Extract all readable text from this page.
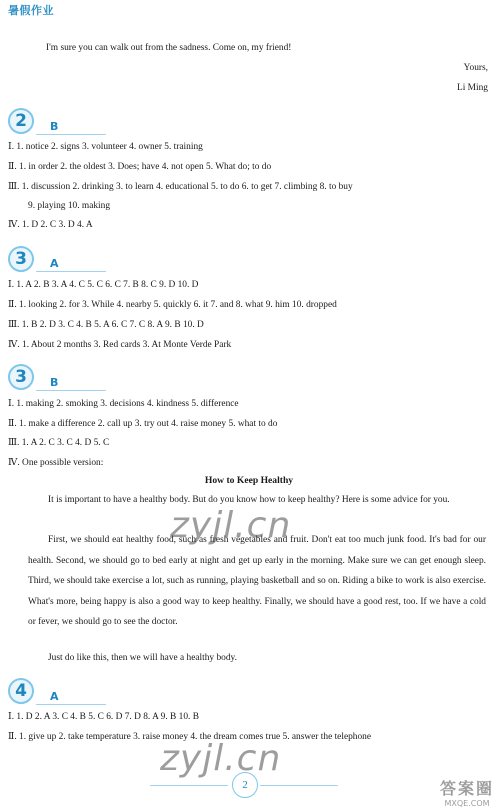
暑假作业
I'm sure you can walk out from the sadness. Come on, my friend!
Yours,
Li Ming
2	B
Ⅰ. 1. notice 2. signs 3. volunteer 4. owner 5. training
Ⅱ. 1. in order 2. the oldest 3. Does; have 4. not open 5. What do; to do
Ⅲ. 1. discussion 2. drinking 3. to learn 4. educational 5. to do 6. to get 7. climbing 8. to buy
9. playing 10. making
Ⅳ. 1. D 2. C 3. D 4. A
3	A
Ⅰ. 1. A 2. B 3. A 4. C 5. C 6. C 7. B 8. C 9. D 10. D
Ⅱ. 1. looking 2. for 3. While 4. nearby 5. quickly 6. it 7. and 8. what 9. him 10. dropped
Ⅲ. 1. B 2. D 3. C 4. B 5. A 6. C 7. C 8. A 9. B 10. D
Ⅳ. 1. About 2 months 3. Red cards 3. At Monte Verde Park
3	B
Ⅰ. 1. making 2. smoking 3. decisions 4. kindness 5. difference
Ⅱ. 1. make a difference 2. call up 3. try out 4. raise money 5. what to do
Ⅲ. 1. A 2. C 3. C 4. D 5. C
Ⅳ. One possible version:
How to Keep Healthy
It is important to have a healthy body. But do you know how to keep healthy? Here is some advice for you.
First, we should eat healthy food, such as fresh vegetables and fruit. Don't eat too much junk food. It's bad for our health. Second, we should go to bed early at night and get up early in the morning. Make sure we can get enough sleep. Third, we should take exercise a lot, such as running, playing basketball and so on. Riding a bike to work is also exercise. What's more, being happy is also a good way to keep healthy. Finally, we should have a good rest, too. If we have a cold or fever, we should go to see the doctor.
Just do like this, then we will have a healthy body.
4	A
Ⅰ. 1. D 2. A 3. C 4. B 5. C 6. D 7. D 8. A 9. B 10. B
Ⅱ. 1. give up 2. take temperature 3. raise money 4. the dream comes true 5. answer the telephone
zyjl.cn
zyjl.cn
答案圈
MXQE.COM
2
